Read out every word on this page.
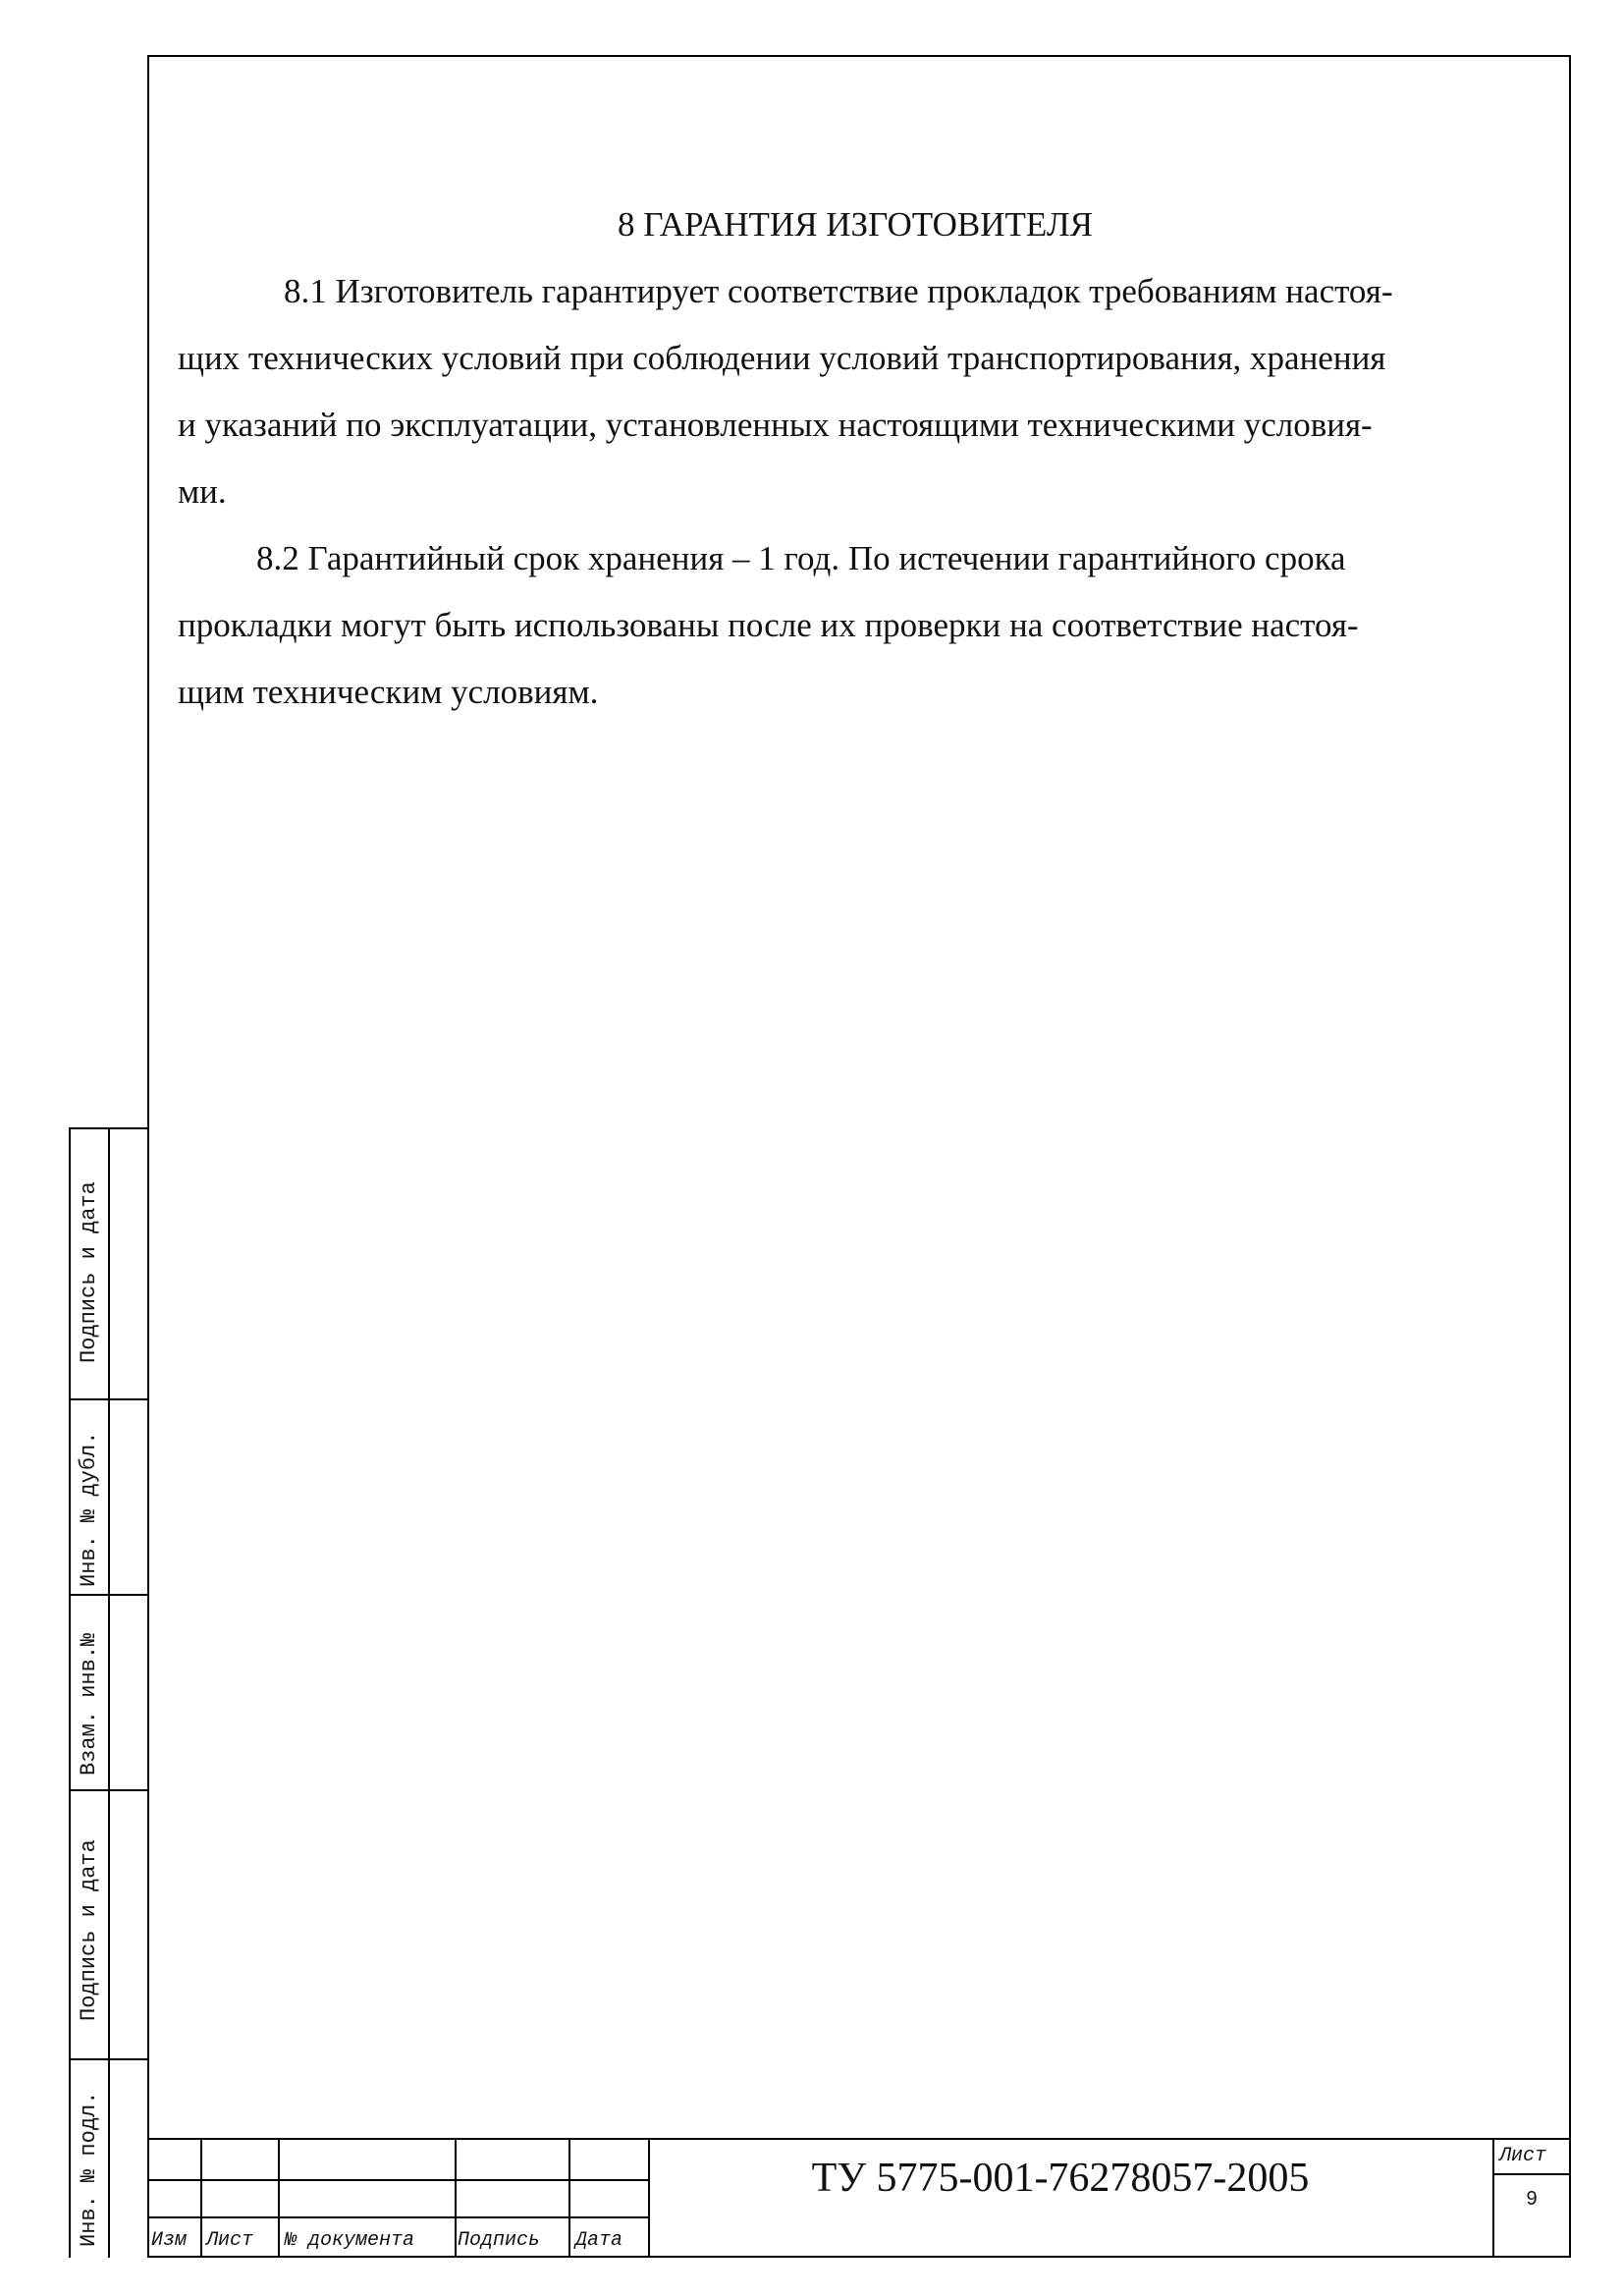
8 ГАРАНТИЯ ИЗГОТОВИТЕЛЯ
8.1 Изготовитель гарантирует соответствие прокладок требованиям настоя-
щих технических условий при соблюдении условий транспортирования, хранения
и указаний по эксплуатации, установленных настоящими техническими условия-
ми.
8.2 Гарантийный срок хранения – 1 год. По истечении гарантийного срока
прокладки могут быть использованы после их проверки на соответствие настоя-
щим техническим условиям.
Подпись и дата
Инв. № дубл.
Взам. инв.№
Подпись и дата
Инв. № подл.	Изм Лист № документа Подпись Дата
ТУ 5775-001-76278057-2005	Лист
9
